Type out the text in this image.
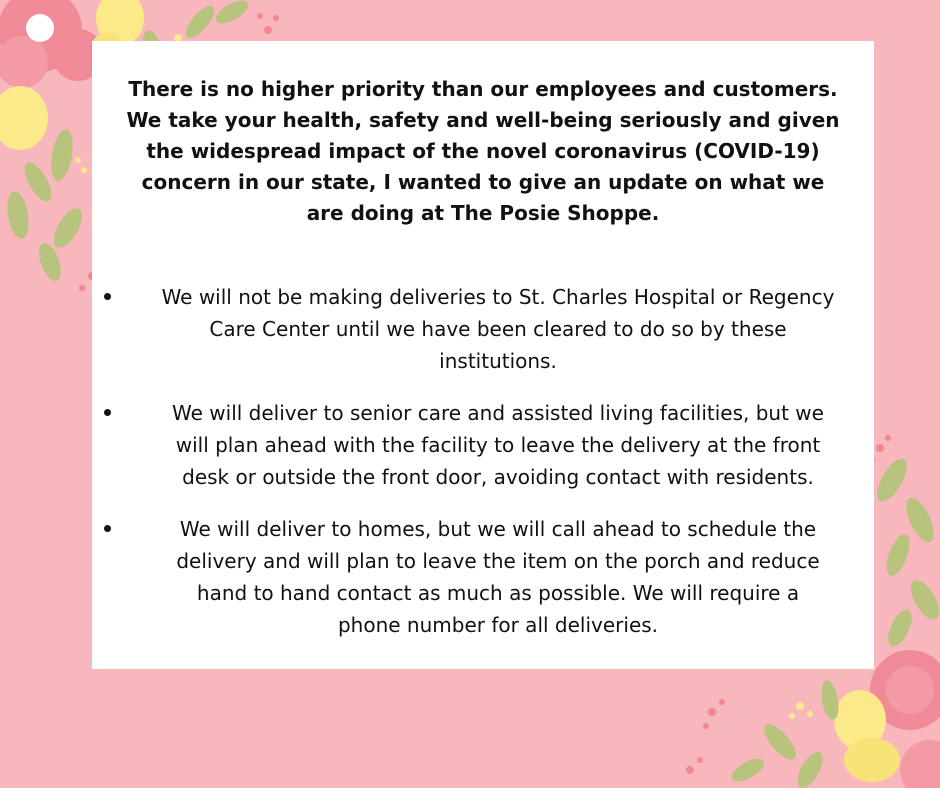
There is no higher priority than our employees and customers.
We take your health, safety and well-being seriously and given
the widespread impact of the novel coronavirus (COVID-19)
concern in our state, I wanted to give an update on what we
are doing at The Posie Shoppe.
We will not be making deliveries to St. Charles Hospital or Regency
Care Center until we have been cleared to do so by these
institutions.
We will deliver to senior care and assisted living facilities, but we
will plan ahead with the facility to leave the delivery at the front
desk or outside the front door, avoiding contact with residents.
We will deliver to homes, but we will call ahead to schedule the
delivery and will plan to leave the item on the porch and reduce
hand to hand contact as much as possible. We will require a
phone number for all deliveries.
